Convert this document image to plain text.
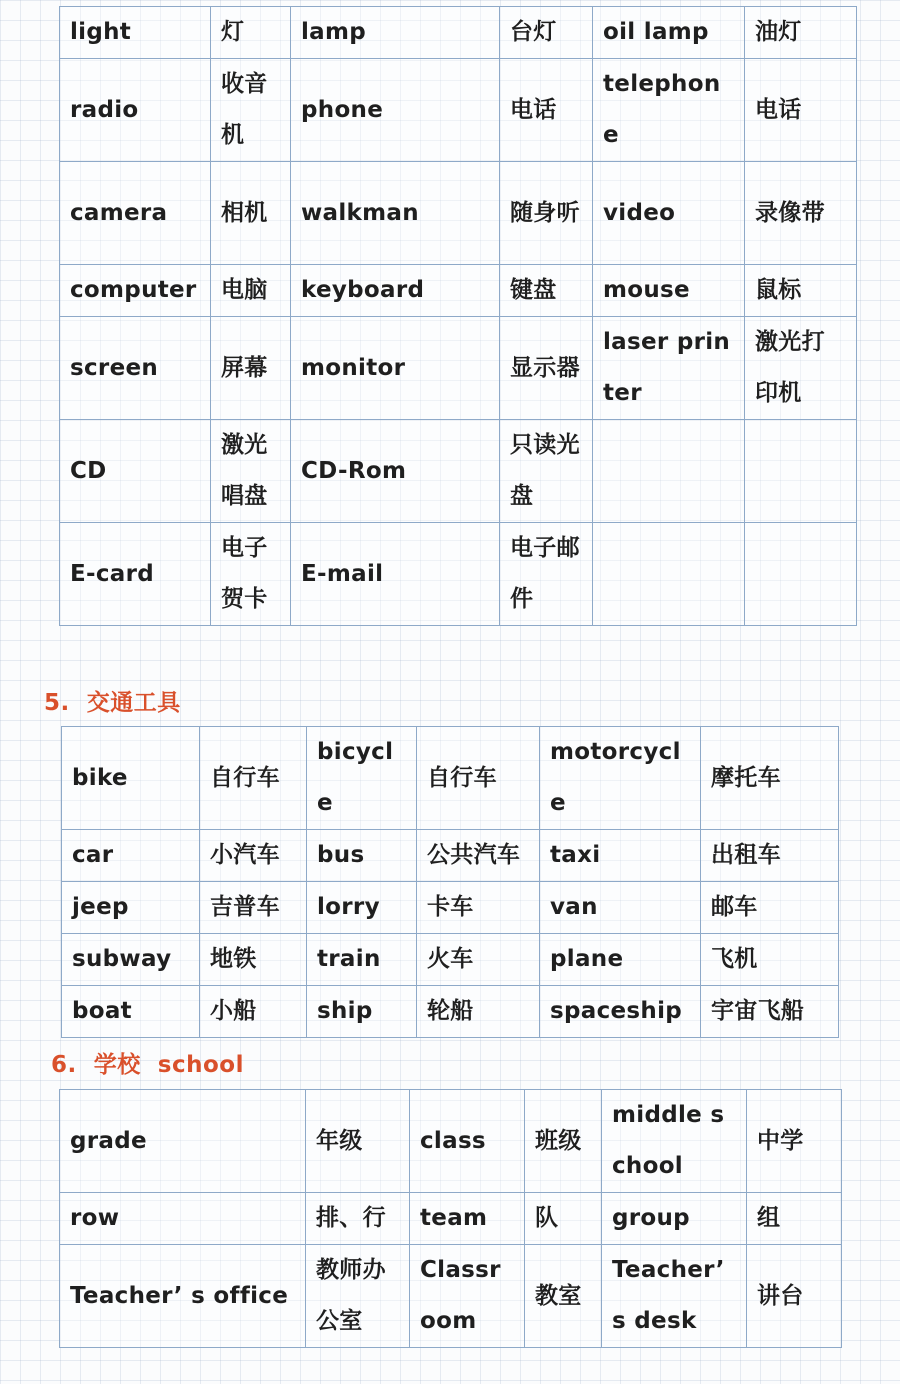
light	灯	lamp	台灯	oil lamp	油灯
radio	收音机	phone	电话	telephone	电话
camera	相机	walkman	随身听	video	录像带
computer	电脑	keyboard	键盘	mouse	鼠标
screen	屏幕	monitor	显示器	laser printer	激光打印机
CD	激光唱盘	CD-Rom	只读光盘		
E-card	电子贺卡	E-mail	电子邮件		
5.  交通工具
bike	自行车	bicycle	自行车	motorcycle	摩托车
car	小汽车	bus	公共汽车	taxi	出租车
jeep	吉普车	lorry	卡车	van	邮车
subway	地铁	train	火车	plane	飞机
boat	小船	ship	轮船	spaceship	宇宙飞船
6.  学校  school
grade	年级	class	班级	middle school	中学
row	排、行	team	队	group	组
Teacher’ s office	教师办公室	Classroom	教室	Teacher’ s desk	讲台
